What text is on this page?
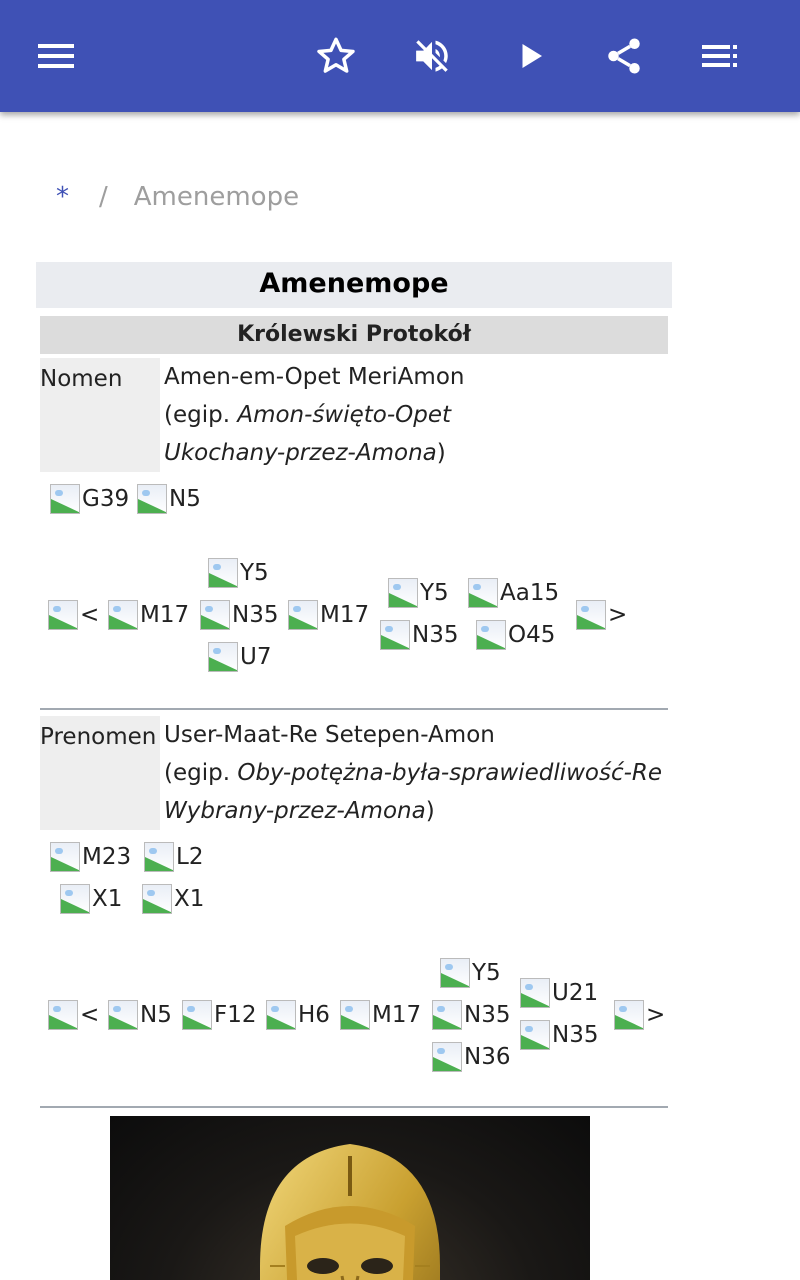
* / Amenemope
Amenemope
Królewski Protokół
Nomen	Amen-em-Opet MeriAmon
(egip. Amon-święto-Opet
Ukochany-przez-Amona)
G39 N5
< M17
Y5
N35
U7
M17
Y5
N35
Aa15
O45
>
Prenomen User-Maat-Re Setepen-Amon
(egip. Oby-potężna-była-sprawiedliwość-Re
Wybrany-przez-Amona)
M23 L2
X1 X1
< N5 F12 H6 M17
Y5
N35
N36
U21
N35
>
